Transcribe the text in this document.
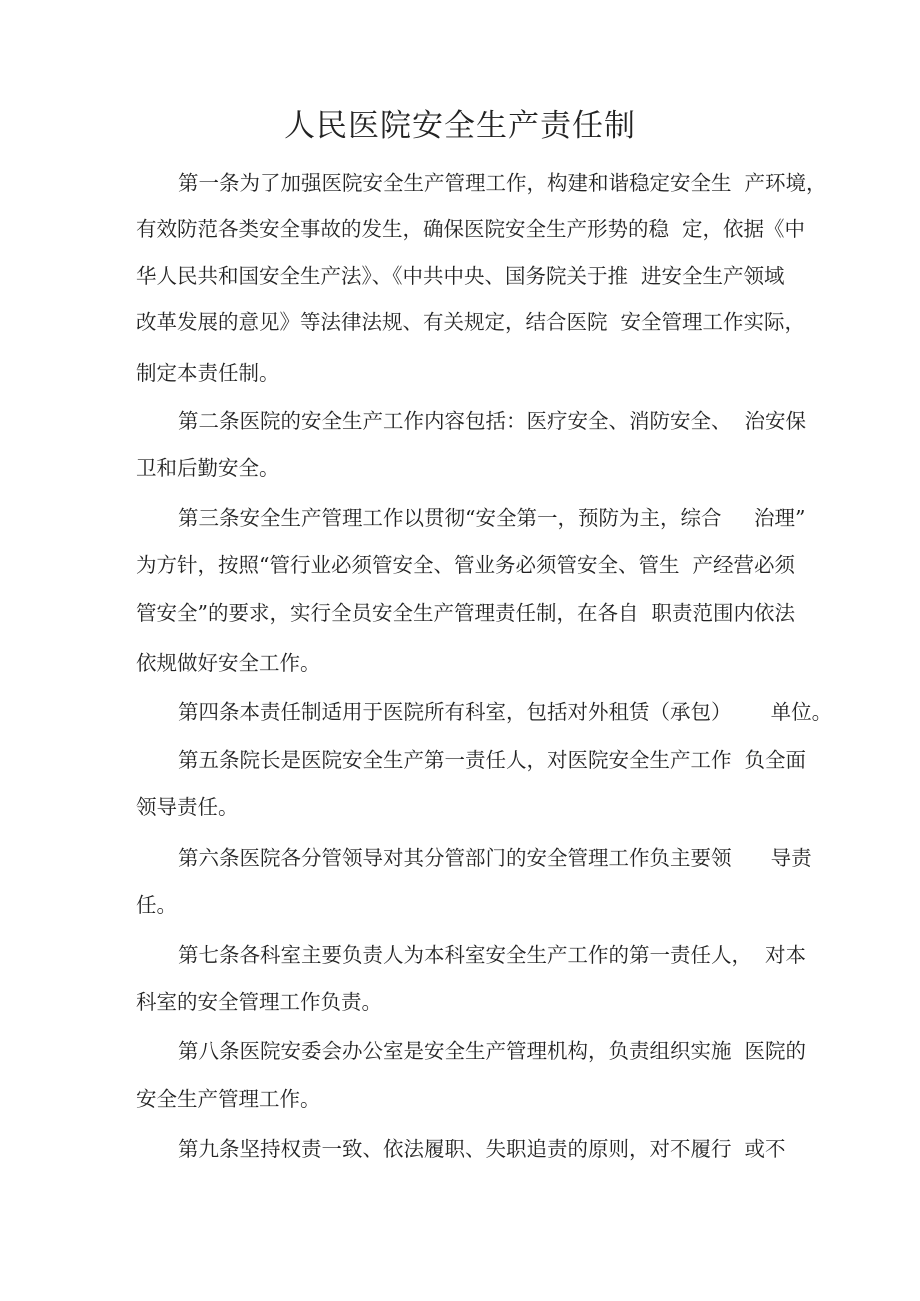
人民医院安全生产责任制
第一条为了加强医院安全生产管理工作，构建和谐稳定安全生  产环境，
有效防范各类安全事故的发生，确保医院安全生产形势的稳  定，依据《中
华人民共和国安全生产法》、《中共中央、国务院关于推  进安全生产领域
改革发展的意见》等法律法规、有关规定，结合医院  安全管理工作实际，
制定本责任制。
第二条医院的安全生产工作内容包括：医疗安全、消防安全、  治安保
卫和后勤安全。
第三条安全生产管理工作以贯彻“安全第一，预防为主，综合     治理”
为方针，按照“管行业必须管安全、管业务必须管安全、管生  产经营必须
管安全”的要求，实行全员安全生产管理责任制，在各自  职责范围内依法
依规做好安全工作。
第四条本责任制适用于医院所有科室，包括对外租赁（承包）      单位。
第五条院长是医院安全生产第一责任人，对医院安全生产工作  负全面
领导责任。
第六条医院各分管领导对其分管部门的安全管理工作负主要领      导责
任。
第七条各科室主要负责人为本科室安全生产工作的第一责任人，  对本
科室的安全管理工作负责。
第八条医院安委会办公室是安全生产管理机构，负责组织实施  医院的
安全生产管理工作。
第九条坚持权责一致、依法履职、失职追责的原则，对不履行  或不
